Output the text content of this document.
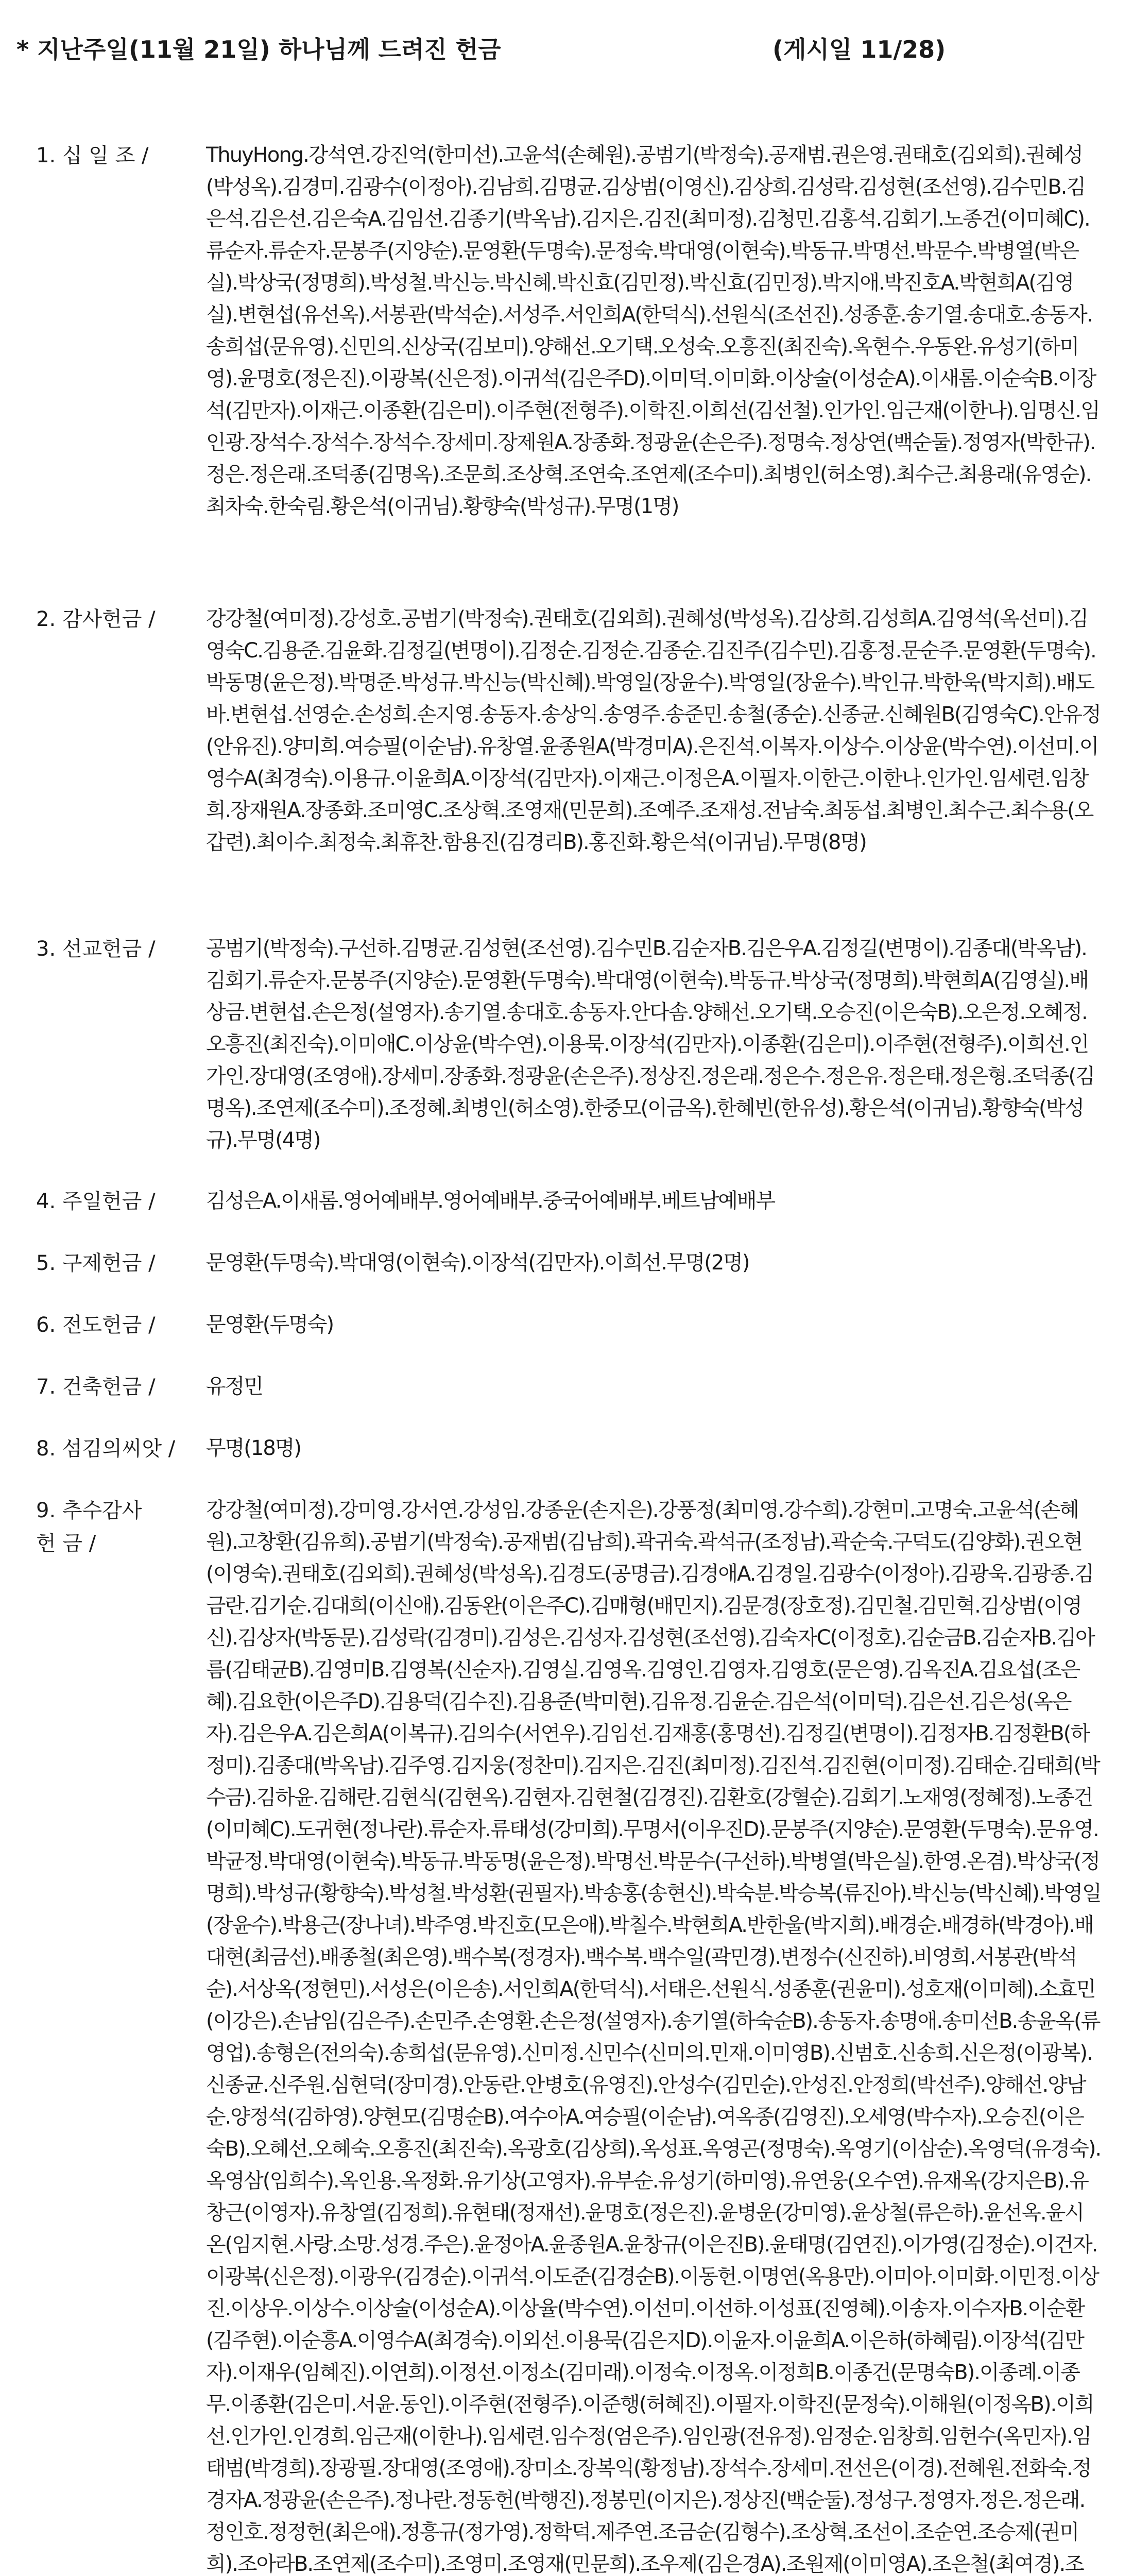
* 지난주일(11월 21일) 하나님께 드려진 헌금	(게시일 11/28)
1. 십 일 조 /	ThuyHong.강석연.강진억(한미선).고윤석(손혜원).공범기(박정숙).공재범.권은영.권태호(김외희).권혜성(박성옥).김경미.김광수(이정아).김남희.김명균.김상범(이영신).김상희.김성락.김성현(조선영).김수민B.김은석.김은선.김은숙A.김임선.김종기(박옥남).김지은.김진(최미정).김청민.김홍석.김회기.노종건(이미혜C).류순자.류순자.문봉주(지양순).문영환(두명숙).문정숙.박대영(이현숙).박동규.박명선.박문수.박병열(박은실).박상국(정명희).박성철.박신능.박신혜.박신효(김민정).박신효(김민정).박지애.박진호A.박현희A(김영실).변현섭(유선옥).서봉관(박석순).서성주.서인희A(한덕식).선원식(조선진).성종훈.송기열.송대호.송동자.송희섭(문유영).신민의.신상국(김보미).양해선.오기택.오성숙.오흥진(최진숙).옥현수.우동완.유성기(하미영).윤명호(정은진).이광복(신은정).이귀석(김은주D).이미덕.이미화.이상술(이성순A).이새롬.이순숙B.이장석(김만자).이재근.이종환(김은미).이주현(전형주).이학진.이희선(김선철).인가인.임근재(이한나).임명신.임인광.장석수.장석수.장석수.장세미.장제원A.장종화.정광윤(손은주).정명숙.정상연(백순둘).정영자(박한규).정은.정은래.조덕종(김명옥).조문희.조상혁.조연숙.조연제(조수미).최병인(허소영).최수근.최용래(유영순).최차숙.한숙림.황은석(이귀님).황향숙(박성규).무명(1명)
2. 감사헌금 /	강강철(여미정).강성호.공범기(박정숙).권태호(김외희).권혜성(박성옥).김상희.김성희A.김영석(옥선미).김영숙C.김용준.김윤화.김정길(변명이).김정순.김정순.김종순.김진주(김수민).김홍정.문순주.문영환(두명숙).박동명(윤은정).박명준.박성규.박신능(박신혜).박영일(장윤수).박영일(장윤수).박인규.박한욱(박지희).배도바.변현섭.선영순.손성희.손지영.송동자.송상익.송영주.송준민.송철(종순).신종균.신혜원B(김영숙C).안유정(안유진).양미희.여승필(이순남).유창열.윤종원A(박경미A).은진석.이복자.이상수.이상윤(박수연).이선미.이영수A(최경숙).이용규.이윤희A.이장석(김만자).이재근.이정은A.이필자.이한근.이한나.인가인.임세련.임창희.장재원A.장종화.조미영C.조상혁.조영재(민문희).조예주.조재성.전남숙.최동섭.최병인.최수근.최수용(오갑련).최이수.최정숙.최휴찬.함용진(김경리B).홍진화.황은석(이귀님).무명(8명)
3. 선교헌금 /	공범기(박정숙).구선하.김명균.김성현(조선영).김수민B.김순자B.김은우A.김정길(변명이).김종대(박옥남).김회기.류순자.문봉주(지양순).문영환(두명숙).박대영(이현숙).박동규.박상국(정명희).박현희A(김영실).배상금.변현섭.손은정(설영자).송기열.송대호.송동자.안다솜.양해선.오기택.오승진(이은숙B).오은정.오혜정.오흥진(최진숙).이미애C.이상윤(박수연).이용묵.이장석(김만자).이종환(김은미).이주현(전형주).이희선.인가인.장대영(조영애).장세미.장종화.정광윤(손은주).정상진.정은래.정은수.정은유.정은태.정은형.조덕종(김명옥).조연제(조수미).조정혜.최병인(허소영).한중모(이금옥).한혜빈(한유성).황은석(이귀님).황향숙(박성규).무명(4명)
4. 주일헌금 /	김성은A.이새롬.영어예배부.영어예배부.중국어예배부.베트남예배부
5. 구제헌금 /	문영환(두명숙).박대영(이현숙).이장석(김만자).이희선.무명(2명)
6. 전도헌금 /	문영환(두명숙)
7. 건축헌금 /	유정민
8. 섬김의씨앗 /	무명(18명)
9. 추수감사
헌 금 /
강강철(여미정).강미영.강서연.강성임.강종운(손지은).강풍정(최미영.강수희).강현미.고명숙.고윤석(손혜원).고창환(김유희).공범기(박정숙).공재범(김남희).곽귀숙.곽석규(조정남).곽순숙.구덕도(김양화).권오현(이영숙).권태호(김외희).권혜성(박성옥).김경도(공명금).김경애A.김경일.김광수(이정아).김광욱.김광종.김금란.김기순.김대희(이신애).김동완(이은주C).김매형(배민지).김문경(장호정).김민철.김민혁.김상범(이영신).김상자(박동문).김성락(김경미).김성은.김성자.김성현(조선영).김숙자C(이정호).김순금B.김순자B.김아름(김태균B).김영미B.김영복(신순자).김영실.김영옥.김영인.김영자.김영호(문은영).김옥진A.김요섭(조은혜).김요한(이은주D).김용덕(김수진).김용준(박미현).김유정.김윤순.김은석(이미덕).김은선.김은성(옥은자).김은우A.김은희A(이복규).김의수(서연우).김임선.김재홍(홍명선).김정길(변명이).김정자B.김정환B(하정미).김종대(박옥남).김주영.김지웅(정찬미).김지은.김진(최미정).김진석.김진현(이미정).김태순.김태희(박수금).김하윤.김해란.김현식(김현옥).김현자.김현철(김경진).김환호(강혈순).김회기.노재영(정혜정).노종건(이미혜C).도귀현(정나란).류순자.류태성(강미희).무명서(이우진D).문봉주(지양순).문영환(두명숙).문유영.박균정.박대영(이현숙).박동규.박동명(윤은정).박명선.박문수(구선하).박병열(박은실).한영.온겸).박상국(정명희).박성규(황향숙).박성철.박성환(권필자).박송홍(송현신).박숙분.박승복(류진아).박신능(박신혜).박영일(장윤수).박용근(장나녀).박주영.박진호(모은애).박칠수.박현희A.반한울(박지희).배경순.배경하(박경아).배대현(최금선).배종철(최은영).백수복(정경자).백수복.백수일(곽민경).변정수(신진하).비영희.서봉관(박석순).서상옥(정현민).서성은(이은송).서인희A(한덕식).서태은.선원식.성종훈(권윤미).성호재(이미혜).소효민(이강은).손남임(김은주).손민주.손영환.손은정(설영자).송기열(하숙순B).송동자.송명애.송미선B.송윤옥(류영업).송형은(전의숙).송희섭(문유영).신미정.신민수(신미의.민재.이미영B).신범호.신송희.신은정(이광복).신종균.신주원.심현덕(장미경).안동란.안병호(유영진).안성수(김민순).안성진.안정희(박선주).양해선.양남순.양정석(김하영).양현모(김명순B).여수아A.여승필(이순남).여옥종(김영진).오세영(박수자).오승진(이은숙B).오혜선.오혜숙.오흥진(최진숙).옥광호(김상희).옥성표.옥영곤(정명숙).옥영기(이삼순).옥영덕(유경숙).옥영삼(임희수).옥인용.옥정화.유기상(고영자).유부순.유성기(하미영).유연웅(오수연).유재옥(강지은B).유창근(이영자).유창열(김정희).유현태(정재선).윤명호(정은진).윤병운(강미영).윤상철(류은하).윤선옥.윤시온(임지현.사랑.소망.성경.주은).윤정아A.윤종원A.윤창규(이은진B).윤태명(김연진).이가영(김정순).이건자.이광복(신은정).이광우(김경순).이귀석.이도준(김경순B).이동헌.이명연(옥용만).이미아.이미화.이민정.이상진.이상우.이상수.이상술(이성순A).이상율(박수연).이선미.이선하.이성표(진영혜).이송자.이수자B.이순환(김주현).이순흥A.이영수A(최경숙).이외선.이용묵(김은지D).이윤자.이윤희A.이은하(하혜림).이장석(김만자).이재우(임혜진).이연희).이정선.이정소(김미래).이정숙.이정옥.이정희B.이종건(문명숙B).이종례.이종무.이종환(김은미.서윤.동인).이주현(전형주).이준행(허혜진).이필자.이학진(문정숙).이해원(이정옥B).이희선.인가인.인경희.임근재(이한나).임세련.임수정(엄은주).임인광(전유정).임정순.임창희.임헌수(옥민자).임태범(박경희).장광필.장대영(조영애).장미소.장복익(황정남).장석수.장세미.전선은(이경).전혜원.전화숙.정경자A.정광윤(손은주).정나란.정동헌(박행진).정봉민(이지은).정상진(백순둘).정성구.정영자.정은.정은래.정인호.정정헌(최은애).정흥규(정가영).정학덕.제주연.조금순(김형수).조상혁.조선이.조순연.조승제(권미희).조아라B.조연제(조수미).조영미.조영재(민문희).조우제(김은경A).조원제(이미영A).조은철(최여경).조
